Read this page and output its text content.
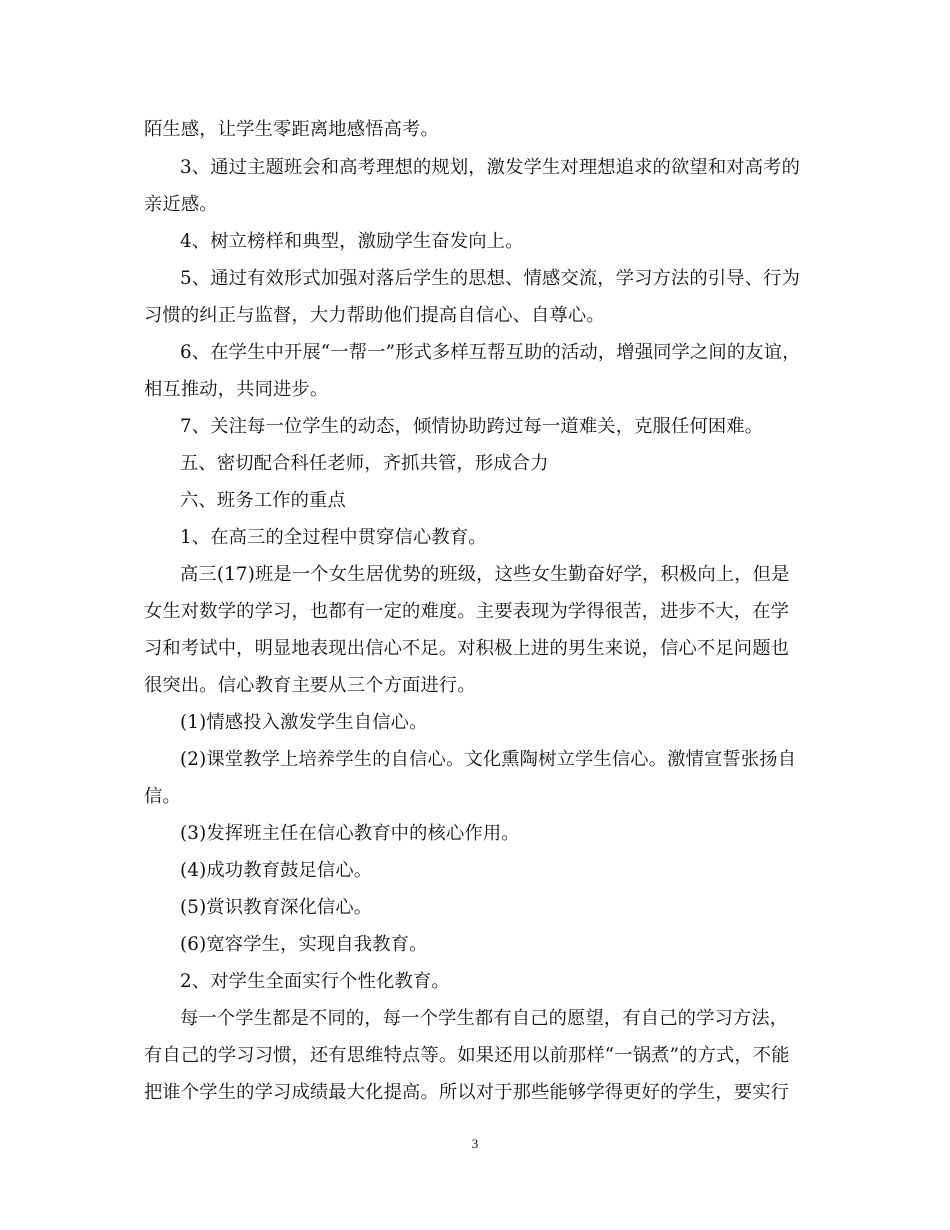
陌生感，让学生零距离地感悟高考。
3、通过主题班会和高考理想的规划，激发学生对理想追求的欲望和对高考的
亲近感。
4、树立榜样和典型，激励学生奋发向上。
5、通过有效形式加强对落后学生的思想、情感交流，学习方法的引导、行为
习惯的纠正与监督，大力帮助他们提高自信心、自尊心。
6、在学生中开展“一帮一”形式多样互帮互助的活动，增强同学之间的友谊，
相互推动，共同进步。
7、关注每一位学生的动态，倾情协助跨过每一道难关，克服任何困难。
五、密切配合科任老师，齐抓共管，形成合力
六、班务工作的重点
1、在高三的全过程中贯穿信心教育。
高三(17)班是一个女生居优势的班级，这些女生勤奋好学，积极向上，但是
女生对数学的学习，也都有一定的难度。主要表现为学得很苦，进步不大，在学
习和考试中，明显地表现出信心不足。对积极上进的男生来说，信心不足问题也
很突出。信心教育主要从三个方面进行。
(1)情感投入激发学生自信心。
(2)课堂教学上培养学生的自信心。文化熏陶树立学生信心。激情宣誓张扬自
信。
(3)发挥班主任在信心教育中的核心作用。
(4)成功教育鼓足信心。
(5)赏识教育深化信心。
(6)宽容学生，实现自我教育。
2、对学生全面实行个性化教育。
每一个学生都是不同的，每一个学生都有自己的愿望，有自己的学习方法，
有自己的学习习惯，还有思维特点等。如果还用以前那样“一锅煮”的方式，不能
把谁个学生的学习成绩最大化提高。所以对于那些能够学得更好的学生，要实行
3
